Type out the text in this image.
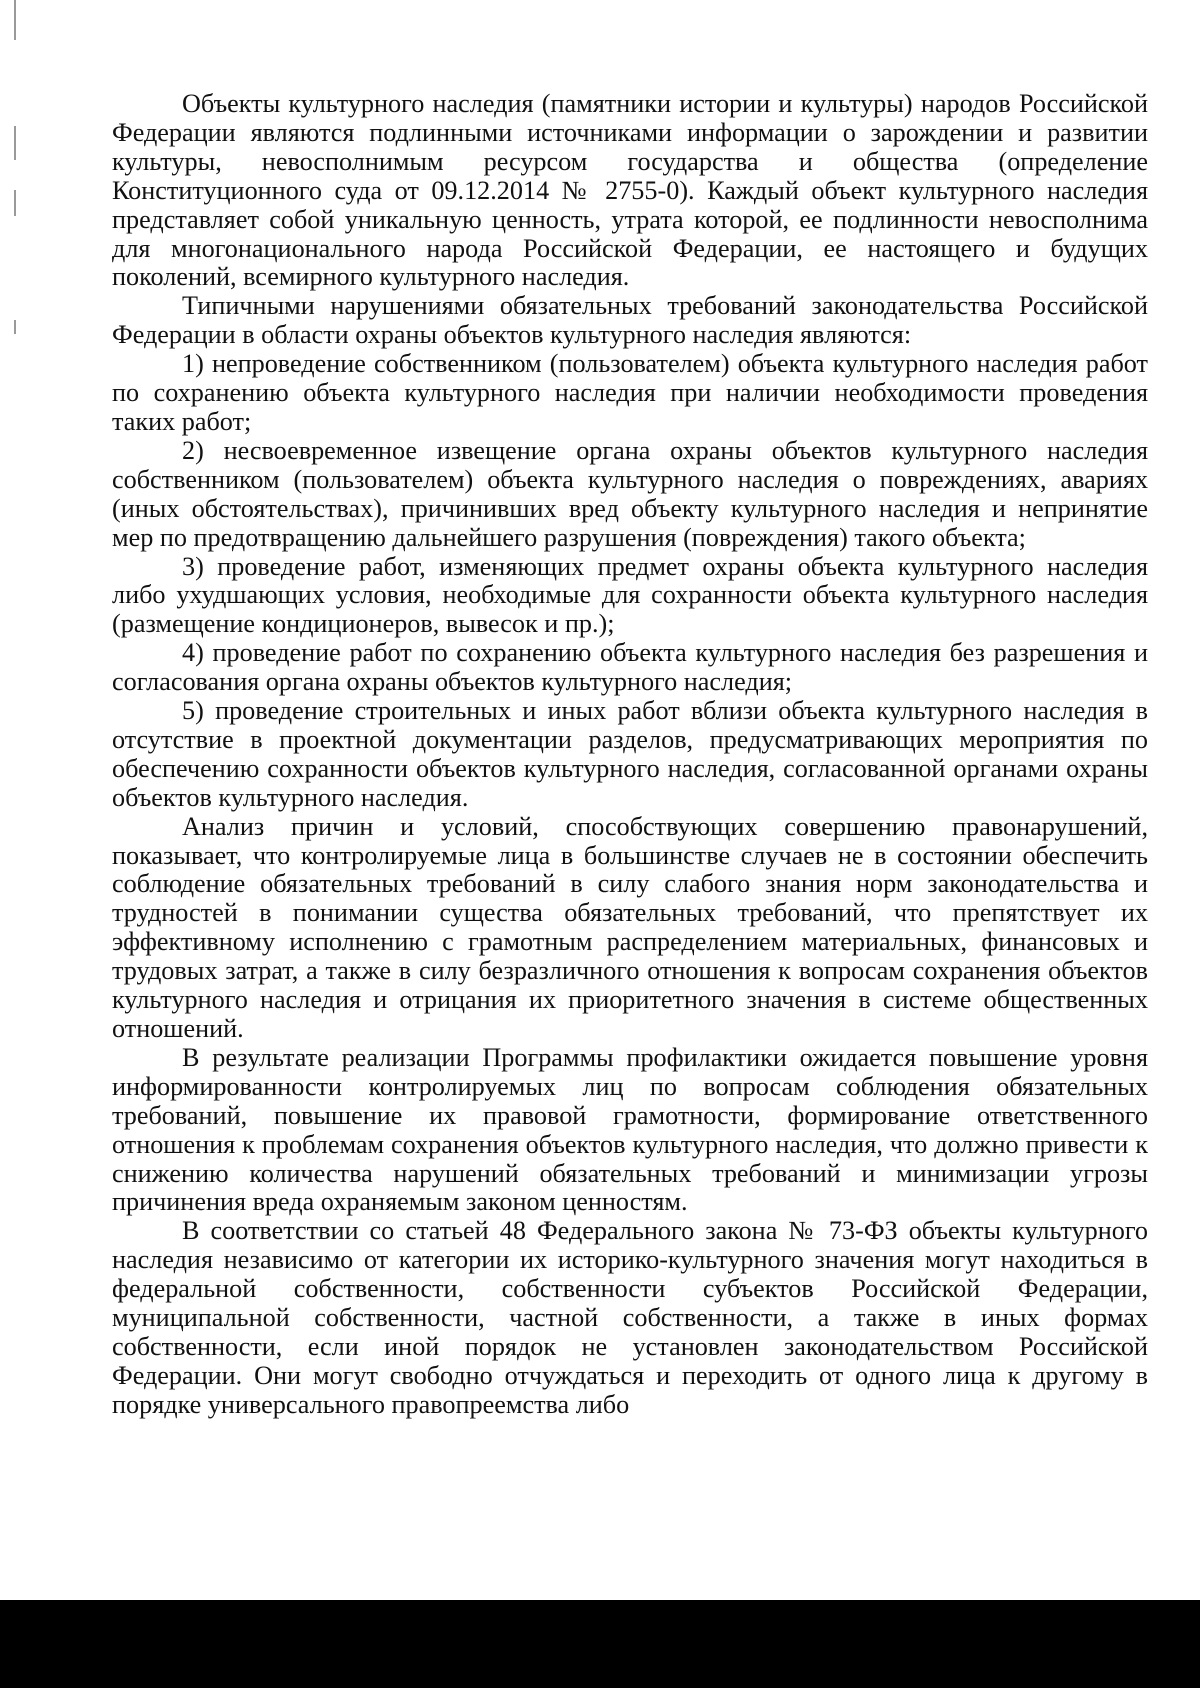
Объекты культурного наследия (памятники истории и культуры) народов Российской Федерации являются подлинными источниками информации о зарождении и развитии культуры, невосполнимым ресурсом государства и общества (определение Конституционного суда от 09.12.2014 № 2755-0). Каждый объект культурного наследия представляет собой уникальную ценность, утрата которой, ее подлинности невосполнима для многонационального народа Российской Федерации, ее настоящего и будущих поколений, всемирного культурного наследия.

Типичными нарушениями обязательных требований законодательства Российской Федерации в области охраны объектов культурного наследия являются:

1) непроведение собственником (пользователем) объекта культурного наследия работ по сохранению объекта культурного наследия при наличии необходимости проведения таких работ;

2) несвоевременное извещение органа охраны объектов культурного наследия собственником (пользователем) объекта культурного наследия о повреждениях, авариях (иных обстоятельствах), причинивших вред объекту культурного наследия и непринятие мер по предотвращению дальнейшего разрушения (повреждения) такого объекта;

3) проведение работ, изменяющих предмет охраны объекта культурного наследия либо ухудшающих условия, необходимые для сохранности объекта культурного наследия (размещение кондиционеров, вывесок и пр.);

4) проведение работ по сохранению объекта культурного наследия без разрешения и согласования органа охраны объектов культурного наследия;

5) проведение строительных и иных работ вблизи объекта культурного наследия в отсутствие в проектной документации разделов, предусматривающих мероприятия по обеспечению сохранности объектов культурного наследия, согласованной органами охраны объектов культурного наследия.

Анализ причин и условий, способствующих совершению правонарушений, показывает, что контролируемые лица в большинстве случаев не в состоянии обеспечить соблюдение обязательных требований в силу слабого знания норм законодательства и трудностей в понимании существа обязательных требований, что препятствует их эффективному исполнению с грамотным распределением материальных, финансовых и трудовых затрат, а также в силу безразличного отношения к вопросам сохранения объектов культурного наследия и отрицания их приоритетного значения в системе общественных отношений.

В результате реализации Программы профилактики ожидается повышение уровня информированности контролируемых лиц по вопросам соблюдения обязательных требований, повышение их правовой грамотности, формирование ответственного отношения к проблемам сохранения объектов культурного наследия, что должно привести к снижению количества нарушений обязательных требований и минимизации угрозы причинения вреда охраняемым законом ценностям.

В соответствии со статьей 48 Федерального закона № 73-ФЗ объекты культурного наследия независимо от категории их историко-культурного значения могут находиться в федеральной собственности, собственности субъектов Российской Федерации, муниципальной собственности, частной собственности, а также в иных формах собственности, если иной порядок не установлен законодательством Российской Федерации. Они могут свободно отчуждаться и переходить от одного лица к другому в порядке универсального правопреемства либо
